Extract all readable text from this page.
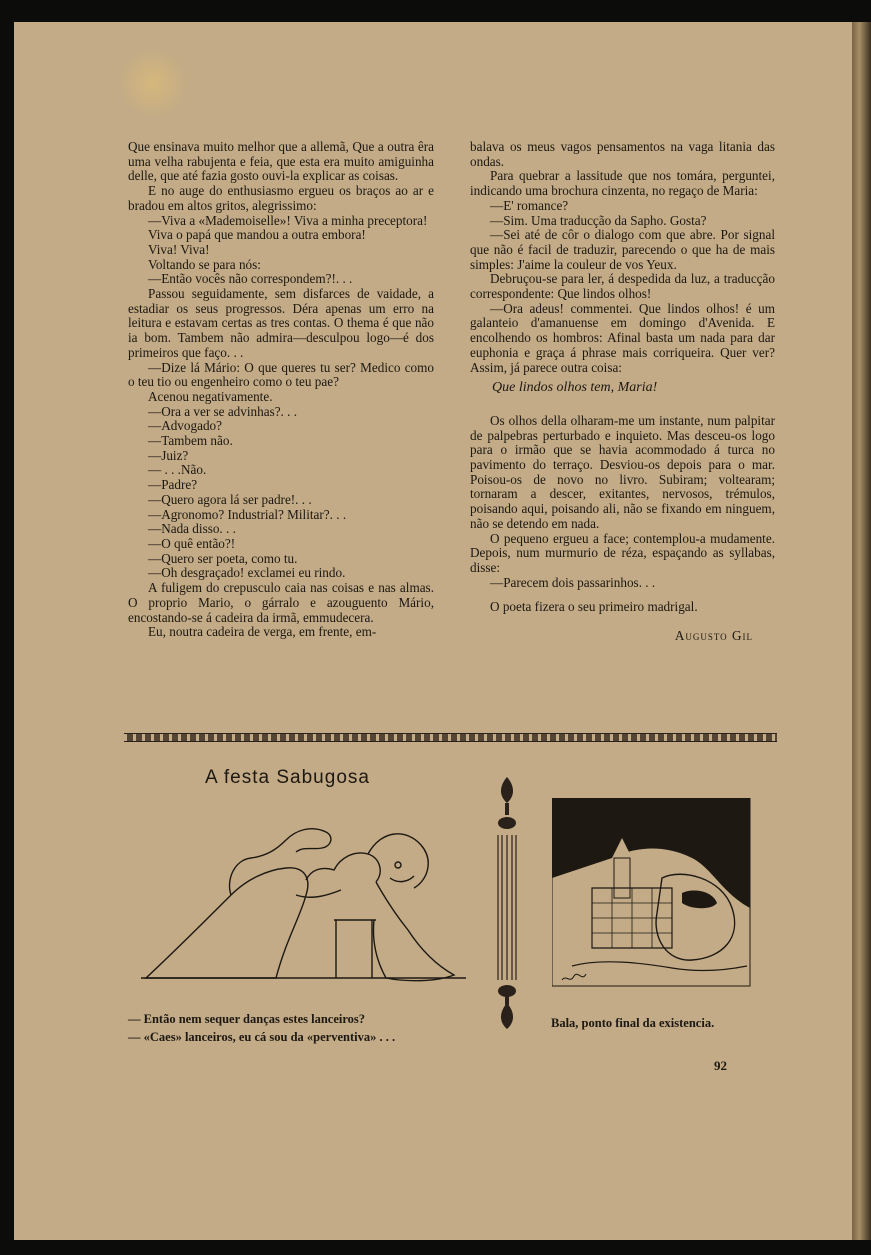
Que ensinava muito melhor que a allemã, Que a outra êra uma velha rabujenta e feia, que esta era muito amiguinha delle, que até fazia gosto ouvi-la explicar as coisas.

E no auge do enthusiasmo ergueu os braços ao ar e bradou em altos gritos, alegrissimo:

—Viva a «Mademoiselle»! Viva a minha preceptora!

Viva o papá que mandou a outra embora!

Viva! Viva!

Voltando se para nós:

—Então vocês não correspondem?!. . .

Passou seguidamente, sem disfarces de vaidade, a estadiar os seus progressos. Déra apenas um erro na leitura e estavam certas as tres contas. O thema é que não ia bom. Tambem não admira—desculpou logo—é dos primeiros que faço. . .

—Dize lá Mário: O que queres tu ser? Medico como o teu tio ou engenheiro como o teu pae?

Acenou negativamente.

—Ora a ver se advinhas?. . .

—Advogado?

—Tambem não.

—Juiz?

— . . .Não.

—Padre?

—Quero agora lá ser padre!. . .

—Agronomo? Industrial? Militar?. . .

—Nada disso. . .

—O quê então?!

—Quero ser poeta, como tu.

—Oh desgraçado! exclamei eu rindo.

A fuligem do crepusculo caia nas coisas e nas almas. O proprio Mario, o gárralo e azouguento Mário, encostando-se á cadeira da irmã, emmudecera.

Eu, noutra cadeira de verga, em frente, em-

balava os meus vagos pensamentos na vaga litania das ondas.

Para quebrar a lassitude que nos tomára, perguntei, indicando uma brochura cinzenta, no regaço de Maria:

—E' romance?

—Sim. Uma traducção da Sapho. Gosta?

—Sei até de côr o dialogo com que abre. Por signal que não é facil de traduzir, parecendo o que ha de mais simples: J'aime la couleur de vos Yeux.

Debruçou-se para ler, á despedida da luz, a traducção correspondente: Que lindos olhos!

—Ora adeus! commentei. Que lindos olhos! é um galanteio d'amanuense em domingo d'Avenida. E encolhendo os hombros: Afinal basta um nada para dar euphonia e graça á phrase mais corriqueira. Quer ver? Assim, já parece outra coisa:

Que lindos olhos tem, Maria!

Os olhos della olharam-me um instante, num palpitar de palpebras perturbado e inquieto. Mas desceu-os logo para o irmão que se havia acommodado á turca no pavimento do terraço. Desviou-os depois para o mar. Poisou-os de novo no livro. Subiram; voltearam; tornaram a descer, exitantes, nervosos, trémulos, poisando aqui, poisando ali, não se fixando em ninguem, não se detendo em nada.

O pequeno ergueu a face; contemplou-a mudamente. Depois, num murmurio de réza, espaçando as syllabas, disse:

—Parecem dois passarinhos. . .

O poeta fizera o seu primeiro madrigal.

Augusto Gil

A festa Sabugosa
— Então nem sequer danças estes lanceiros?
— «Caes» lanceiros, eu cá sou da «perventiva» . . .
Bala, ponto final da existencia.
92
